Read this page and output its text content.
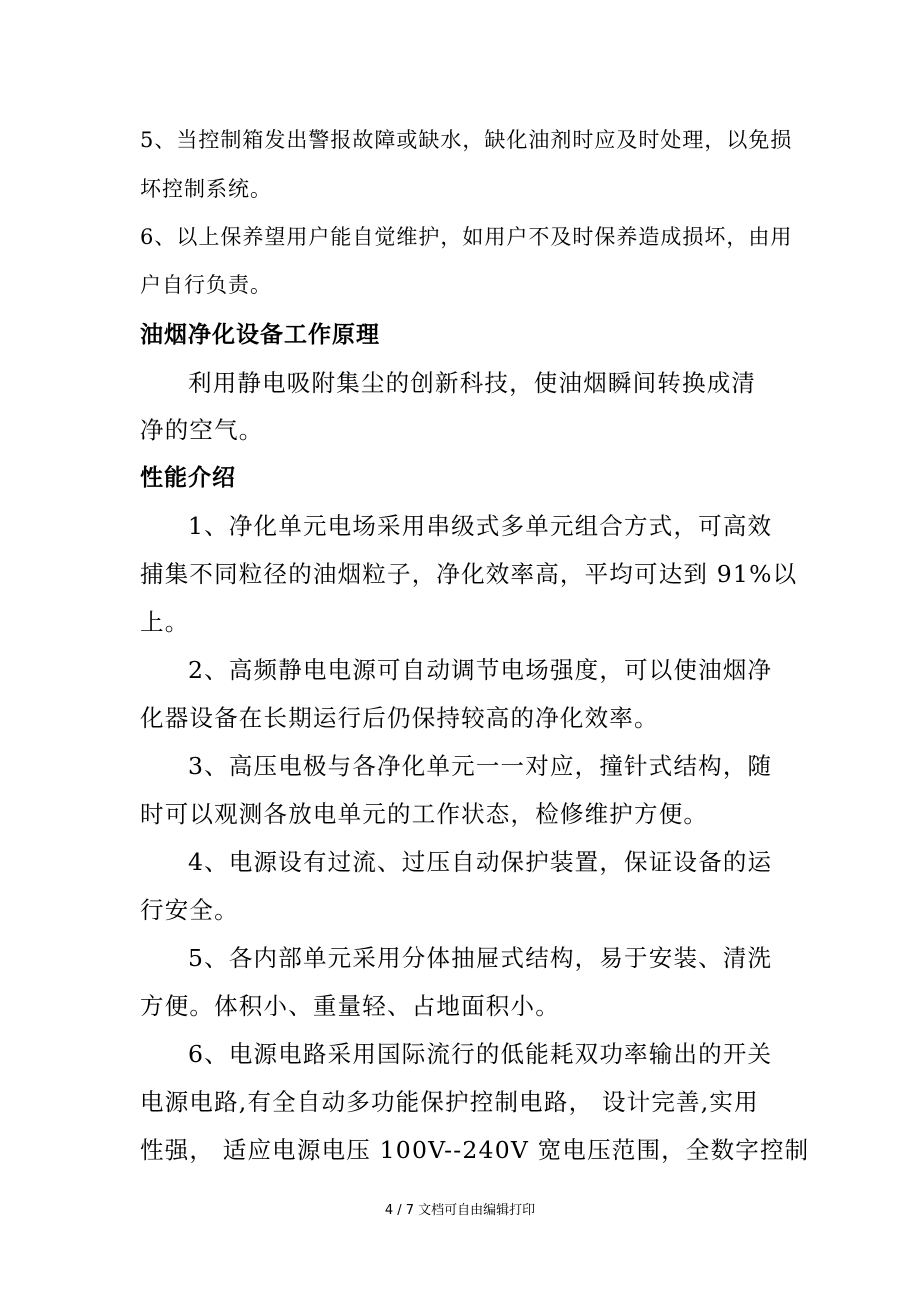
5、当控制箱发出警报故障或缺水，缺化油剂时应及时处理，以免损
坏控制系统。
6、以上保养望用户能自觉维护，如用户不及时保养造成损坏，由用
户自行负责。
油烟净化设备工作原理
利用静电吸附集尘的创新科技，使油烟瞬间转换成清
净的空气。
性能介绍
1、净化单元电场采用串级式多单元组合方式，可高效
捕集不同粒径的油烟粒子，净化效率高，平均可达到 91%以
上。
2、高频静电电源可自动调节电场强度，可以使油烟净
化器设备在长期运行后仍保持较高的净化效率。
3、高压电极与各净化单元一一对应，撞针式结构，随
时可以观测各放电单元的工作状态，检修维护方便。
4、电源设有过流、过压自动保护装置，保证设备的运
行安全。
5、各内部单元采用分体抽屉式结构，易于安装、清洗
方便。体积小、重量轻、占地面积小。
6、电源电路采用国际流行的低能耗双功率输出的开关
电源电路,有全自动多功能保护控制电路， 设计完善,实用
性强， 适应电源电压 100V--240V 宽电压范围，全数字控制
4 / 7 文档可自由编辑打印
